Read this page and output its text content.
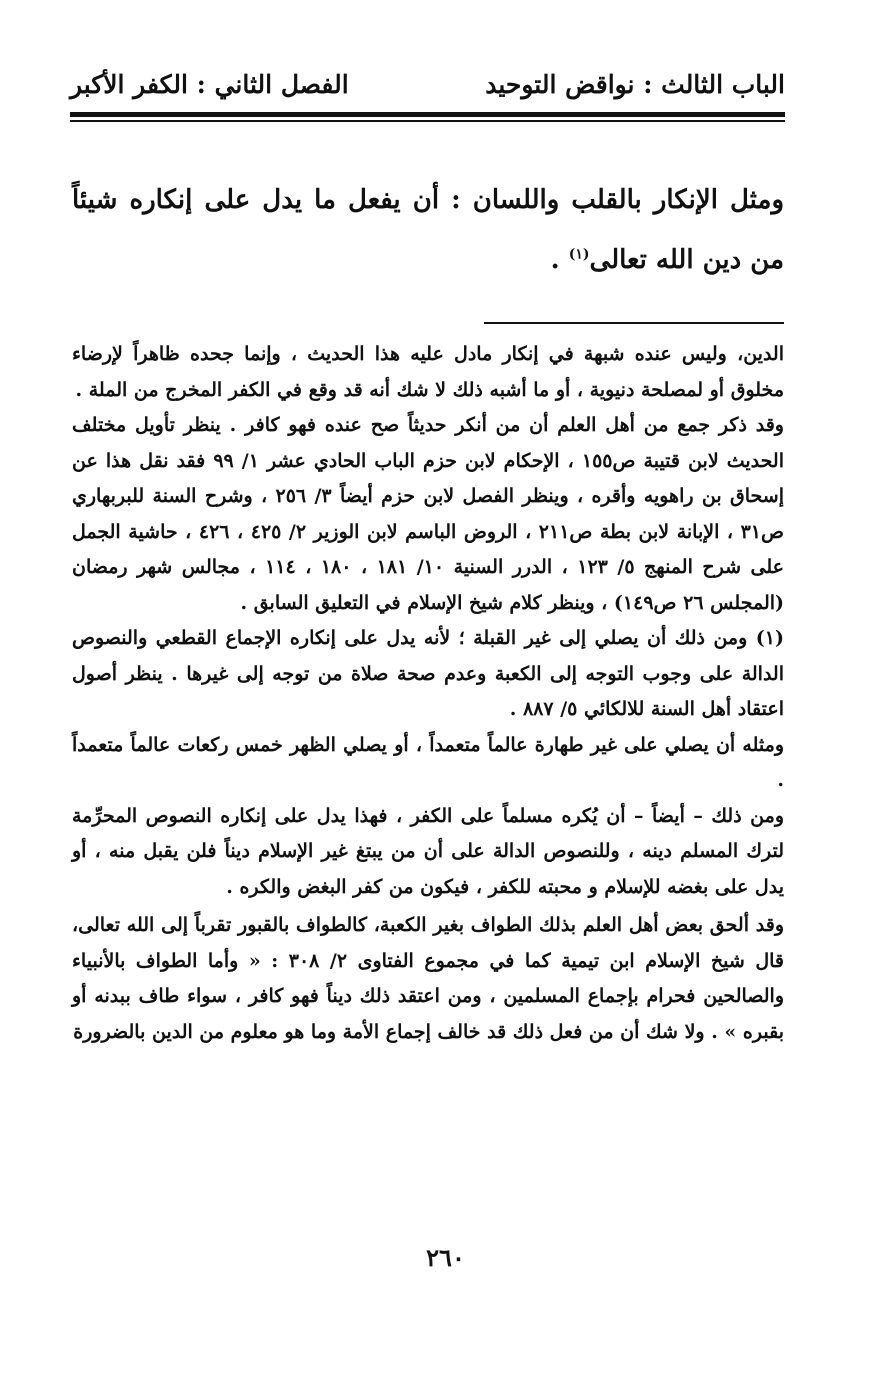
الباب الثالث : نواقض التوحيد
الفصل الثاني : الكفر الأكبر
ومثل الإنكار بالقلب واللسان : أن يفعل ما يدل على إنكاره شيئاً من دين الله تعالى$^{(١)}$ .

الدين، وليس عنده شبهة في إنكار مادل عليه هذا الحديث ، وإنما جحده ظاهراً لإرضاء مخلوق أو لمصلحة دنيوية ، أو ما أشبه ذلك لا شك أنه قد وقع في الكفر المخرج من الملة .

وقد ذكر جمع من أهل العلم أن من أنكر حديثاً صح عنده فهو كافر . ينظر تأويل مختلف الحديث لابن قتيبة ص١٥٥ ، الإحكام لابن حزم الباب الحادي عشر ١/ ٩٩ فقد نقل هذا عن إسحاق بن راهويه وأقره ، وينظر الفصل لابن حزم أيضاً ٣/ ٢٥٦ ، وشرح السنة للبربهاري ص٣١ ، الإبانة لابن بطة ص٢١١ ، الروض الباسم لابن الوزير ٢/ ٤٢٥ ، ٤٢٦ ، حاشية الجمل على شرح المنهج ٥/ ١٢٣ ، الدرر السنية ١٠/ ١٨١ ، ١٨٠ ، ١١٤ ، مجالس شهر رمضان (المجلس ٢٦ ص١٤٩) ، وينظر كلام شيخ الإسلام في التعليق السابق .

(١) ومن ذلك أن يصلي إلى غير القبلة ؛ لأنه يدل على إنكاره الإجماع القطعي والنصوص الدالة على وجوب التوجه إلى الكعبة وعدم صحة صلاة من توجه إلى غيرها . ينظر أصول اعتقاد أهل السنة للالكائي ٥/ ٨٨٧ .

ومثله أن يصلي على غير طهارة عالماً متعمداً ، أو يصلي الظهر خمس ركعات عالماً متعمداً .

ومن ذلك – أيضاً – أن يُكره مسلماً على الكفر ، فهذا يدل على إنكاره النصوص المحرِّمة لترك المسلم دينه ، وللنصوص الدالة على أن من يبتغ غير الإسلام ديناً فلن يقبل منه ، أو يدل على بغضه للإسلام و محبته للكفر ، فيكون من كفر البغض والكره .

وقد ألحق بعض أهل العلم بذلك الطواف بغير الكعبة، كالطواف بالقبور تقرباً إلى الله تعالى، قال شيخ الإسلام ابن تيمية كما في مجموع الفتاوى ٢/ ٣٠٨ : « وأما الطواف بالأنبياء والصالحين فحرام بإجماع المسلمين ، ومن اعتقد ذلك ديناً فهو كافر ، سواء طاف ببدنه أو بقبره » . ولا شك أن من فعل ذلك قد خالف إجماع الأمة وما هو معلوم من الدين بالضرورة

٢٦٠
